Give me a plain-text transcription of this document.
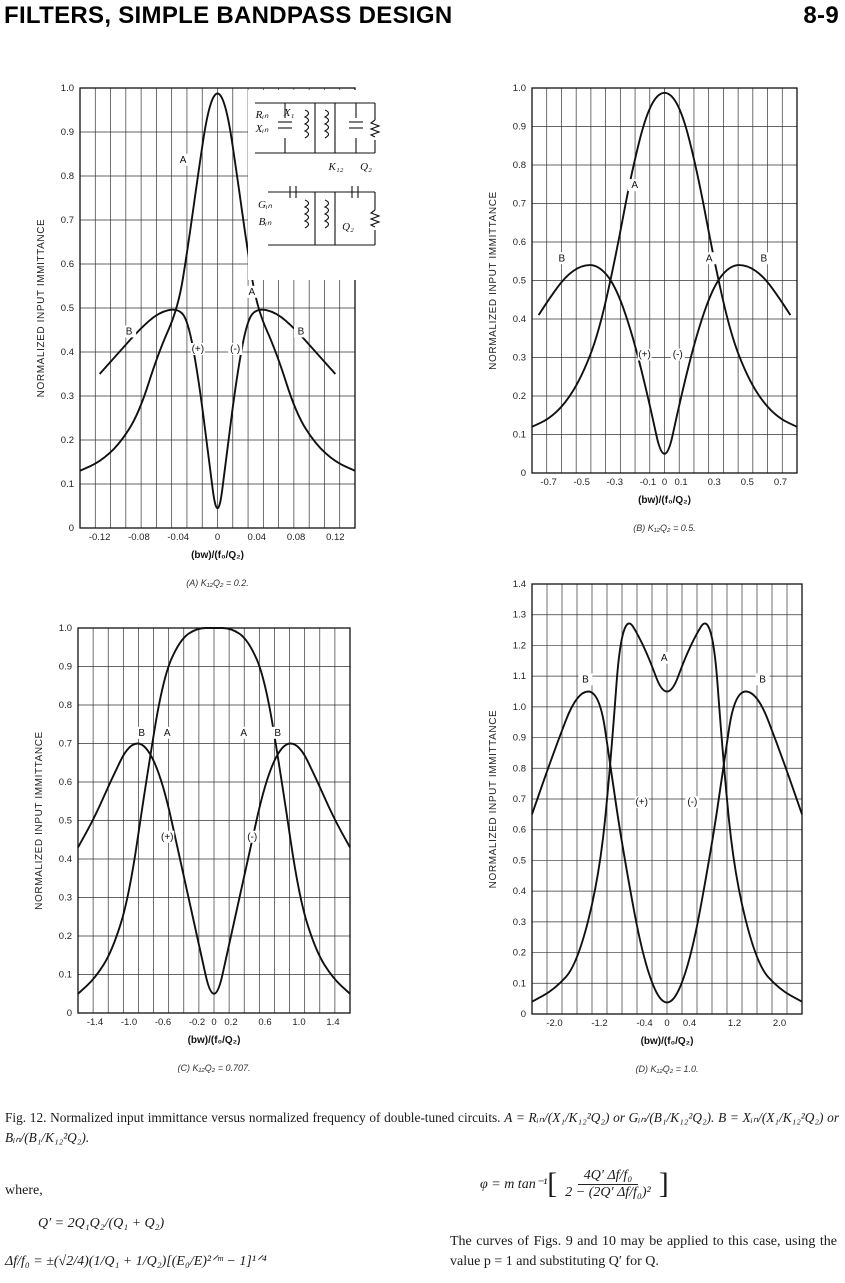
FILTERS, SIMPLE BANDPASS DESIGN	8-9
0
0.1
0.2
0.3
0.4
0.5
0.6
0.7
0.8
0.9
1.0
-0.12 -0.08 -0.04	0	0.04 0.08 0.12
NORMALIZED INPUT IMMITTANCE
(bw)/(f₀/Q₂)
(A) K₁₂Q₂ = 0.2.
A
B
A
B
(+)	(-)
Rᵢₙ
Xᵢₙ
X₁
K₁₂ Q₂
Gᵢₙ
Bᵢₙ	Q₂
0
0.1
0.2
0.3
0.4
0.5
0.6
0.7
0.8
0.9
1.0
-0.7 -0.5 -0.3 -0.1 0 0.1 0.3 0.5 0.7
NORMALIZED INPUT IMMITTANCE
(bw)/(f₀/Q₂)
(B) K₁₂Q₂ = 0.5.
A
B	A	B
(+) (-)
0
0.1
0.2
0.3
0.4
0.5
0.6
0.7
0.8
0.9
1.0
-1.4 -1.0 -0.6 -0.2 0 0.2 0.6 1.0 1.4
NORMALIZED INPUT IMMITTANCE
(bw)/(f₀/Q₂)
(C) K₁₂Q₂ = 0.707.
B A	A	B
(+)	(-)
0
0.1
0.2
0.3
0.4
0.5
0.6
0.7
0.8
0.9
1.0
1.1
1.2
1.3
1.4
-2.0	-1.2	-0.4 0 0.4	1.2	2.0
NORMALIZED INPUT IMMITTANCE
(bw)/(f₀/Q₂)
(D) K₁₂Q₂ = 1.0.
B
A
B
(+)	(-)
Fig. 12. Normalized input immittance versus normalized frequency of double-tuned circuits. A = Rᵢₙ/(X₁/K₁₂²Q₂) or Gᵢₙ/(B₁/K₁₂²Q₂). B = Xᵢₙ/(X₁/K₁₂²Q₂) or Bᵢₙ/(B₁/K₁₂²Q₂).
where,
Q′ = 2Q₁Q₂/(Q₁ + Q₂)
Δf/f₀ = ±(√2/4)(1/Q₁ + 1/Q₂)[(E₀/E)²ᐟᵐ − 1]¹ᐟ⁴
φ = m tan⁻¹ [ $\frac{\text{4Q′ Δf/f₀}}{\text{2 − (2Q′ Δf/f₀)²}}$ ]
The curves of Figs. 9 and 10 may be applied to this case, using the value p = 1 and substituting Q′ for Q.
